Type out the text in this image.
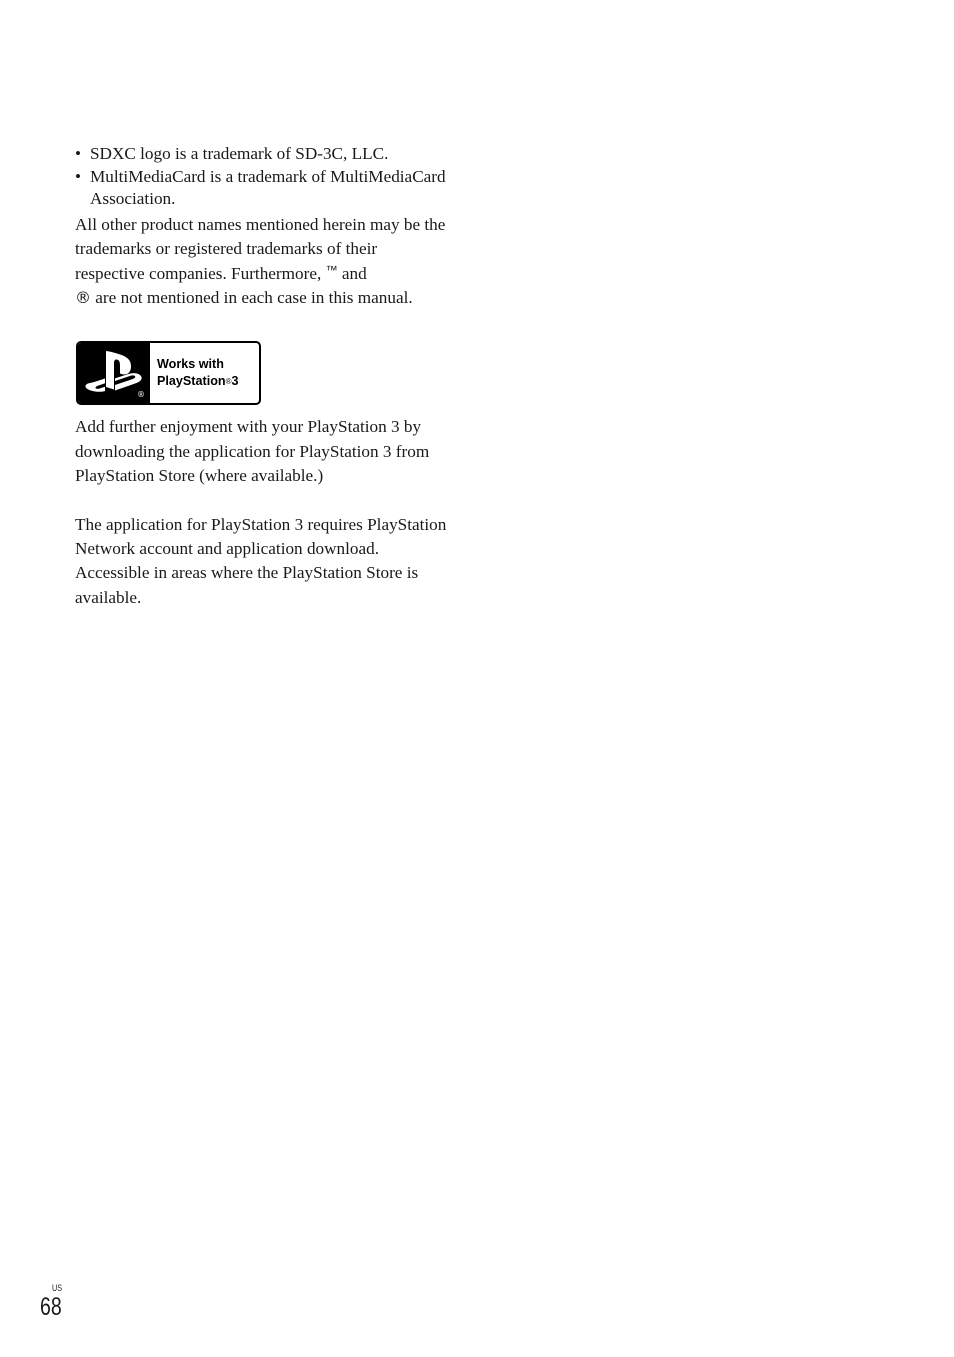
• SDXC logo is a trademark of SD-3C, LLC.
• MultiMediaCard is a trademark of MultiMediaCard Association.

All other product names mentioned herein may be the trademarks or registered trademarks of their respective companies. Furthermore, ™ and
® are not mentioned in each case in this manual.

®
Works with
PlayStation®3

Add further enjoyment with your PlayStation 3 by downloading the application for PlayStation 3 from PlayStation Store (where available.)

The application for PlayStation 3 requires PlayStation Network account and application download.

Accessible in areas where the PlayStation Store is available.

US
68
